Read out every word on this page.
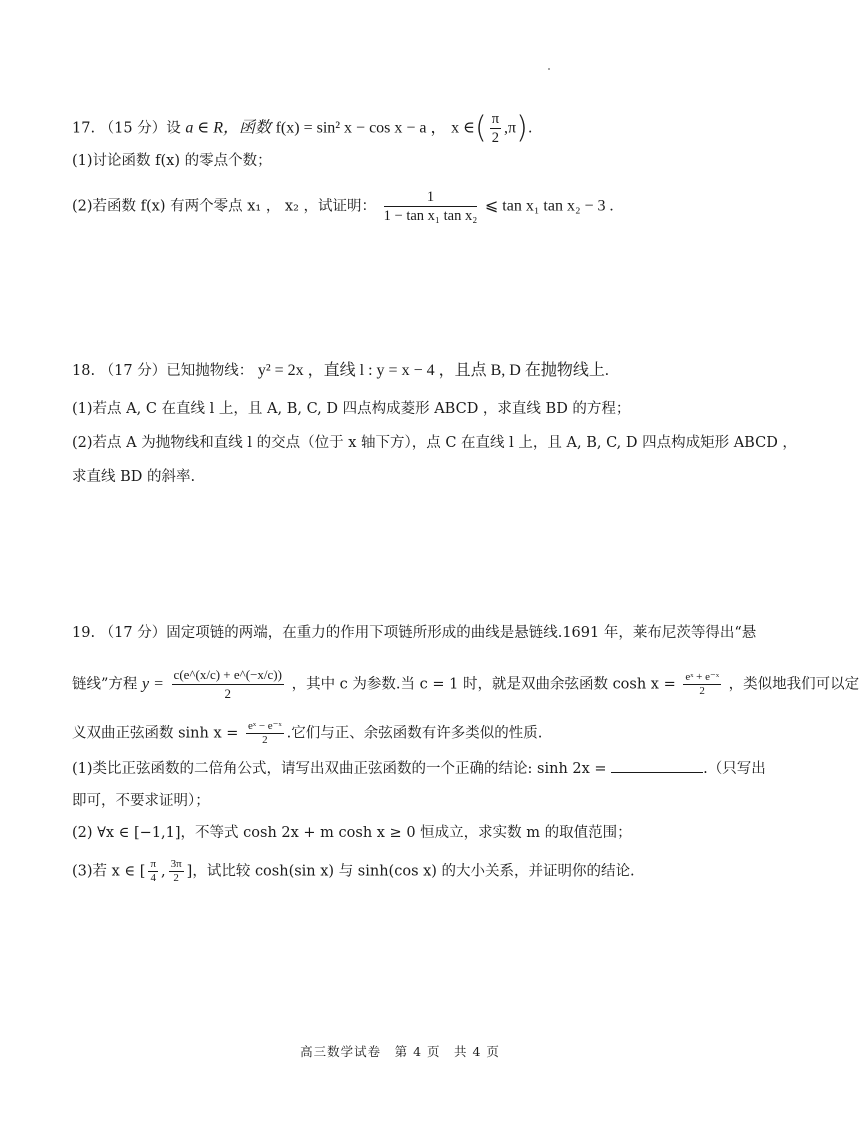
17. （15 分）设 a ∈ R，函数 f(x) = sin² x − cos x − a ， x ∈( $\frac{\pi}{2} ,\pi$).
(1)讨论函数 f(x) 的零点个数；
(2)若函数 f(x) 有两个零点 x₁ ， x₂ ，试证明： $\frac{1}{\text{1 − tan x₁ tan x₂}}$ ⩽ tan x₁ tan x₂ − 3 .
18. （17 分）已知抛物线： y² = 2x ，直线 l : y = x − 4 ，且点 B, D 在抛物线上.
(1)若点 A, C 在直线 l 上，且 A, B, C, D 四点构成菱形 ABCD ，求直线 BD 的方程；
(2)若点 A 为抛物线和直线 l 的交点（位于 x 轴下方），点 C 在直线 l 上，且 A, B, C, D 四点构成矩形 ABCD ，
求直线 BD 的斜率.
19. （17 分）固定项链的两端，在重力的作用下项链所形成的曲线是悬链线.1691 年，莱布尼茨等得出“悬
链线”方程 $y = \frac{c(e\^{}(x/c) + e\^{}(-x/c))}{2}$ ，其中 c 为参数.当 c = 1 时，就是双曲余弦函数 $\cosh x = \frac{\text{eˣ + e⁻ˣ}}{2}$ ，类似地我们可以定
义双曲正弦函数 $\sinh x = \frac{\text{eˣ − e⁻ˣ}}{2}$ .它们与正、余弦函数有许多类似的性质.
(1)类比正弦函数的二倍角公式，请写出双曲正弦函数的一个正确的结论: sinh 2x =	.（只写出
即可，不要求证明）；
(2) ∀x ∈ [−1,1]，不等式 cosh 2x + m cosh x ≥ 0 恒成立，求实数 m 的取值范围；
(3)若 x ∈ [ $\frac{\pi}{4}$ , $\frac{3\pi}{2}$ ]，试比较 cosh(sin x) 与 sinh(cos x) 的大小关系，并证明你的结论.
高三数学试卷　第 4 页　共 4 页
